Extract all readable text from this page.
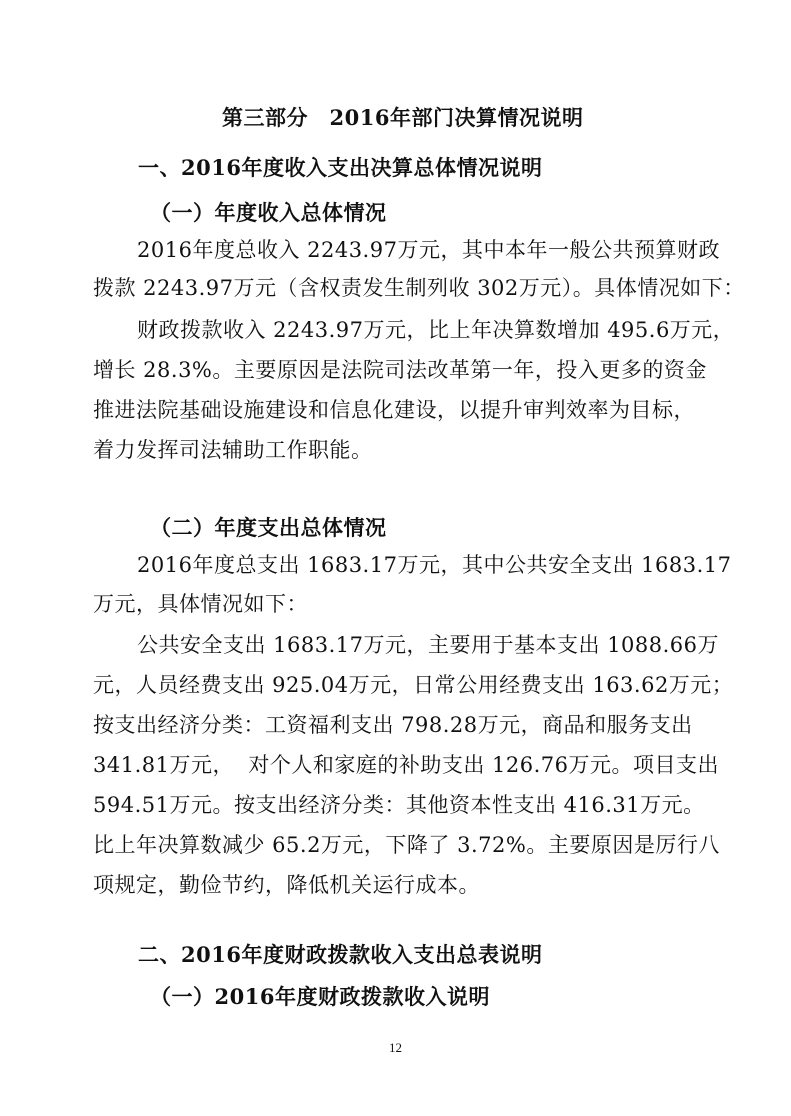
第三部分　2016年部门决算情况说明
一、2016年度收入支出决算总体情况说明
（一）年度收入总体情况
2016年度总收入 2243.97万元，其中本年一般公共预算财政
拨款 2243.97万元（含权责发生制列收 302万元）。具体情况如下：
财政拨款收入 2243.97万元，比上年决算数增加 495.6万元，
增长 28.3%。主要原因是法院司法改革第一年，投入更多的资金
推进法院基础设施建设和信息化建设，以提升审判效率为目标，
着力发挥司法辅助工作职能。
（二）年度支出总体情况
2016年度总支出 1683.17万元，其中公共安全支出 1683.17
万元，具体情况如下：
公共安全支出 1683.17万元，主要用于基本支出 1088.66万
元，人员经费支出 925.04万元，日常公用经费支出 163.62万元；
按支出经济分类：工资福利支出 798.28万元，商品和服务支出
341.81万元，  对个人和家庭的补助支出 126.76万元。项目支出
594.51万元。按支出经济分类：其他资本性支出 416.31万元。
比上年决算数减少 65.2万元，下降了 3.72%。主要原因是厉行八
项规定，勤俭节约，降低机关运行成本。
二、2016年度财政拨款收入支出总表说明
（一）2016年度财政拨款收入说明
12
